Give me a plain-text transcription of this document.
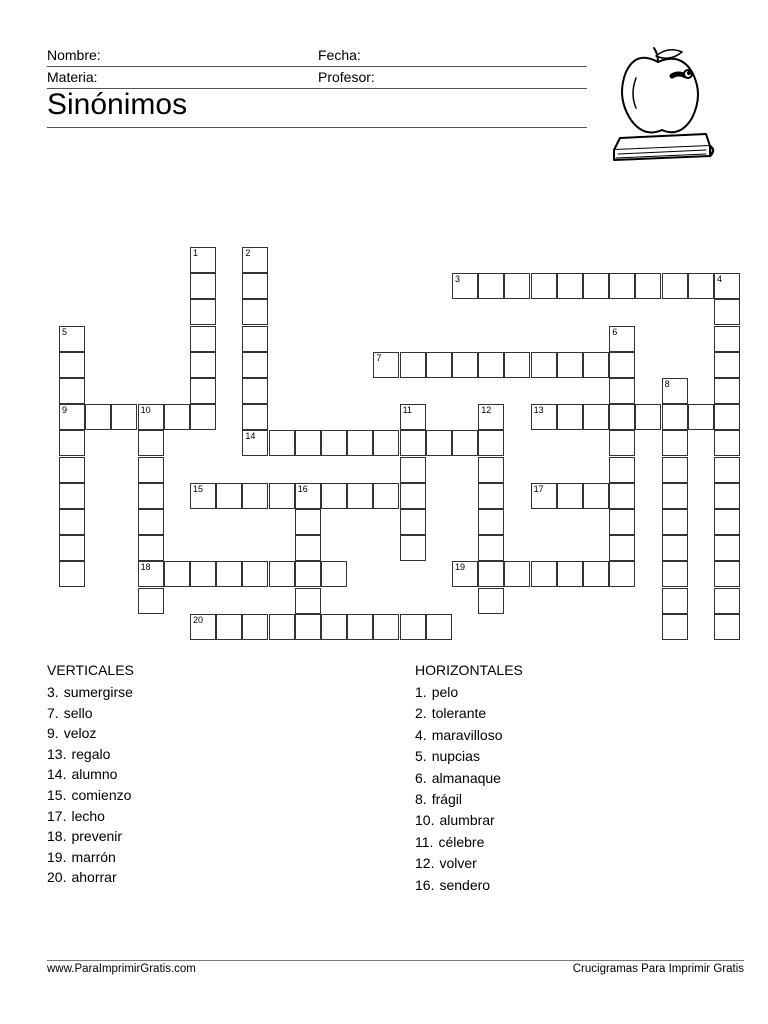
Nombre:	Fecha:
Materia:	Profesor:
Sinónimos
1	2
14
3	4
5
9
6
7
8
10
18
11	12	13
15	16	17
19
20
VERTICALES
3. sumergirse
7. sello
9. veloz
13. regalo
14. alumno
15. comienzo
17. lecho
18. prevenir
19. marrón
20. ahorrar
HORIZONTALES
1. pelo
2. tolerante
4. maravilloso
5. nupcias
6. almanaque
8. frágil
10. alumbrar
11. célebre
12. volver
16. sendero
www.ParaImprimirGratis.com	Crucigramas Para Imprimir Gratis
